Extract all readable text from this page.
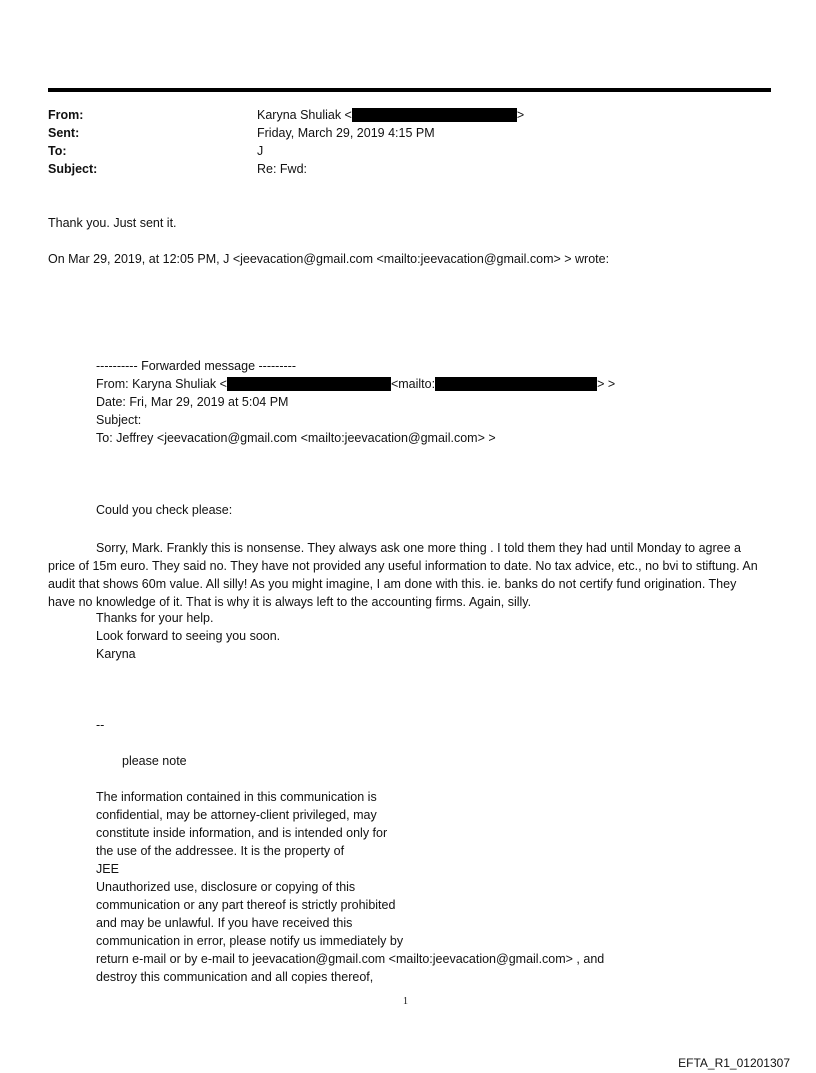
From:	Karyna Shuliak <	>
Sent:	Friday, March 29, 2019 4:15 PM
To:	J
Subject:	Re: Fwd:
Thank you. Just sent it.
On Mar 29, 2019, at 12:05 PM, J <jeevacation@gmail.com <mailto:jeevacation@gmail.com> > wrote:
---------- Forwarded message ---------
From: Karyna Shuliak <	<mailto:	> >
Date: Fri, Mar 29, 2019 at 5:04 PM
Subject:
To: Jeffrey <jeevacation@gmail.com <mailto:jeevacation@gmail.com> >
Could you check please:

Sorry, Mark. Frankly this is nonsense. They always ask one more thing . I told them they had until Monday to agree a price of 15m euro. They said no. They have not provided any useful information to date. No tax advice, etc., no bvi to stiftung. An audit that shows 60m value. All silly! As you might imagine, I am done with this. ie. banks do not certify fund origination. They have no knowledge of it. That is why it is always left to the accounting firms. Again, silly.

Thanks for your help.
Look forward to seeing you soon.
Karyna
--
please note
The information contained in this communication is
confidential, may be attorney-client privileged, may
constitute inside information, and is intended only for
the use of the addressee. It is the property of
JEE
Unauthorized use, disclosure or copying of this
communication or any part thereof is strictly prohibited
and may be unlawful. If you have received this
communication in error, please notify us immediately by
return e-mail or by e-mail to jeevacation@gmail.com <mailto:jeevacation@gmail.com> , and
destroy this communication and all copies thereof,
1
EFTA_R1_01201307
